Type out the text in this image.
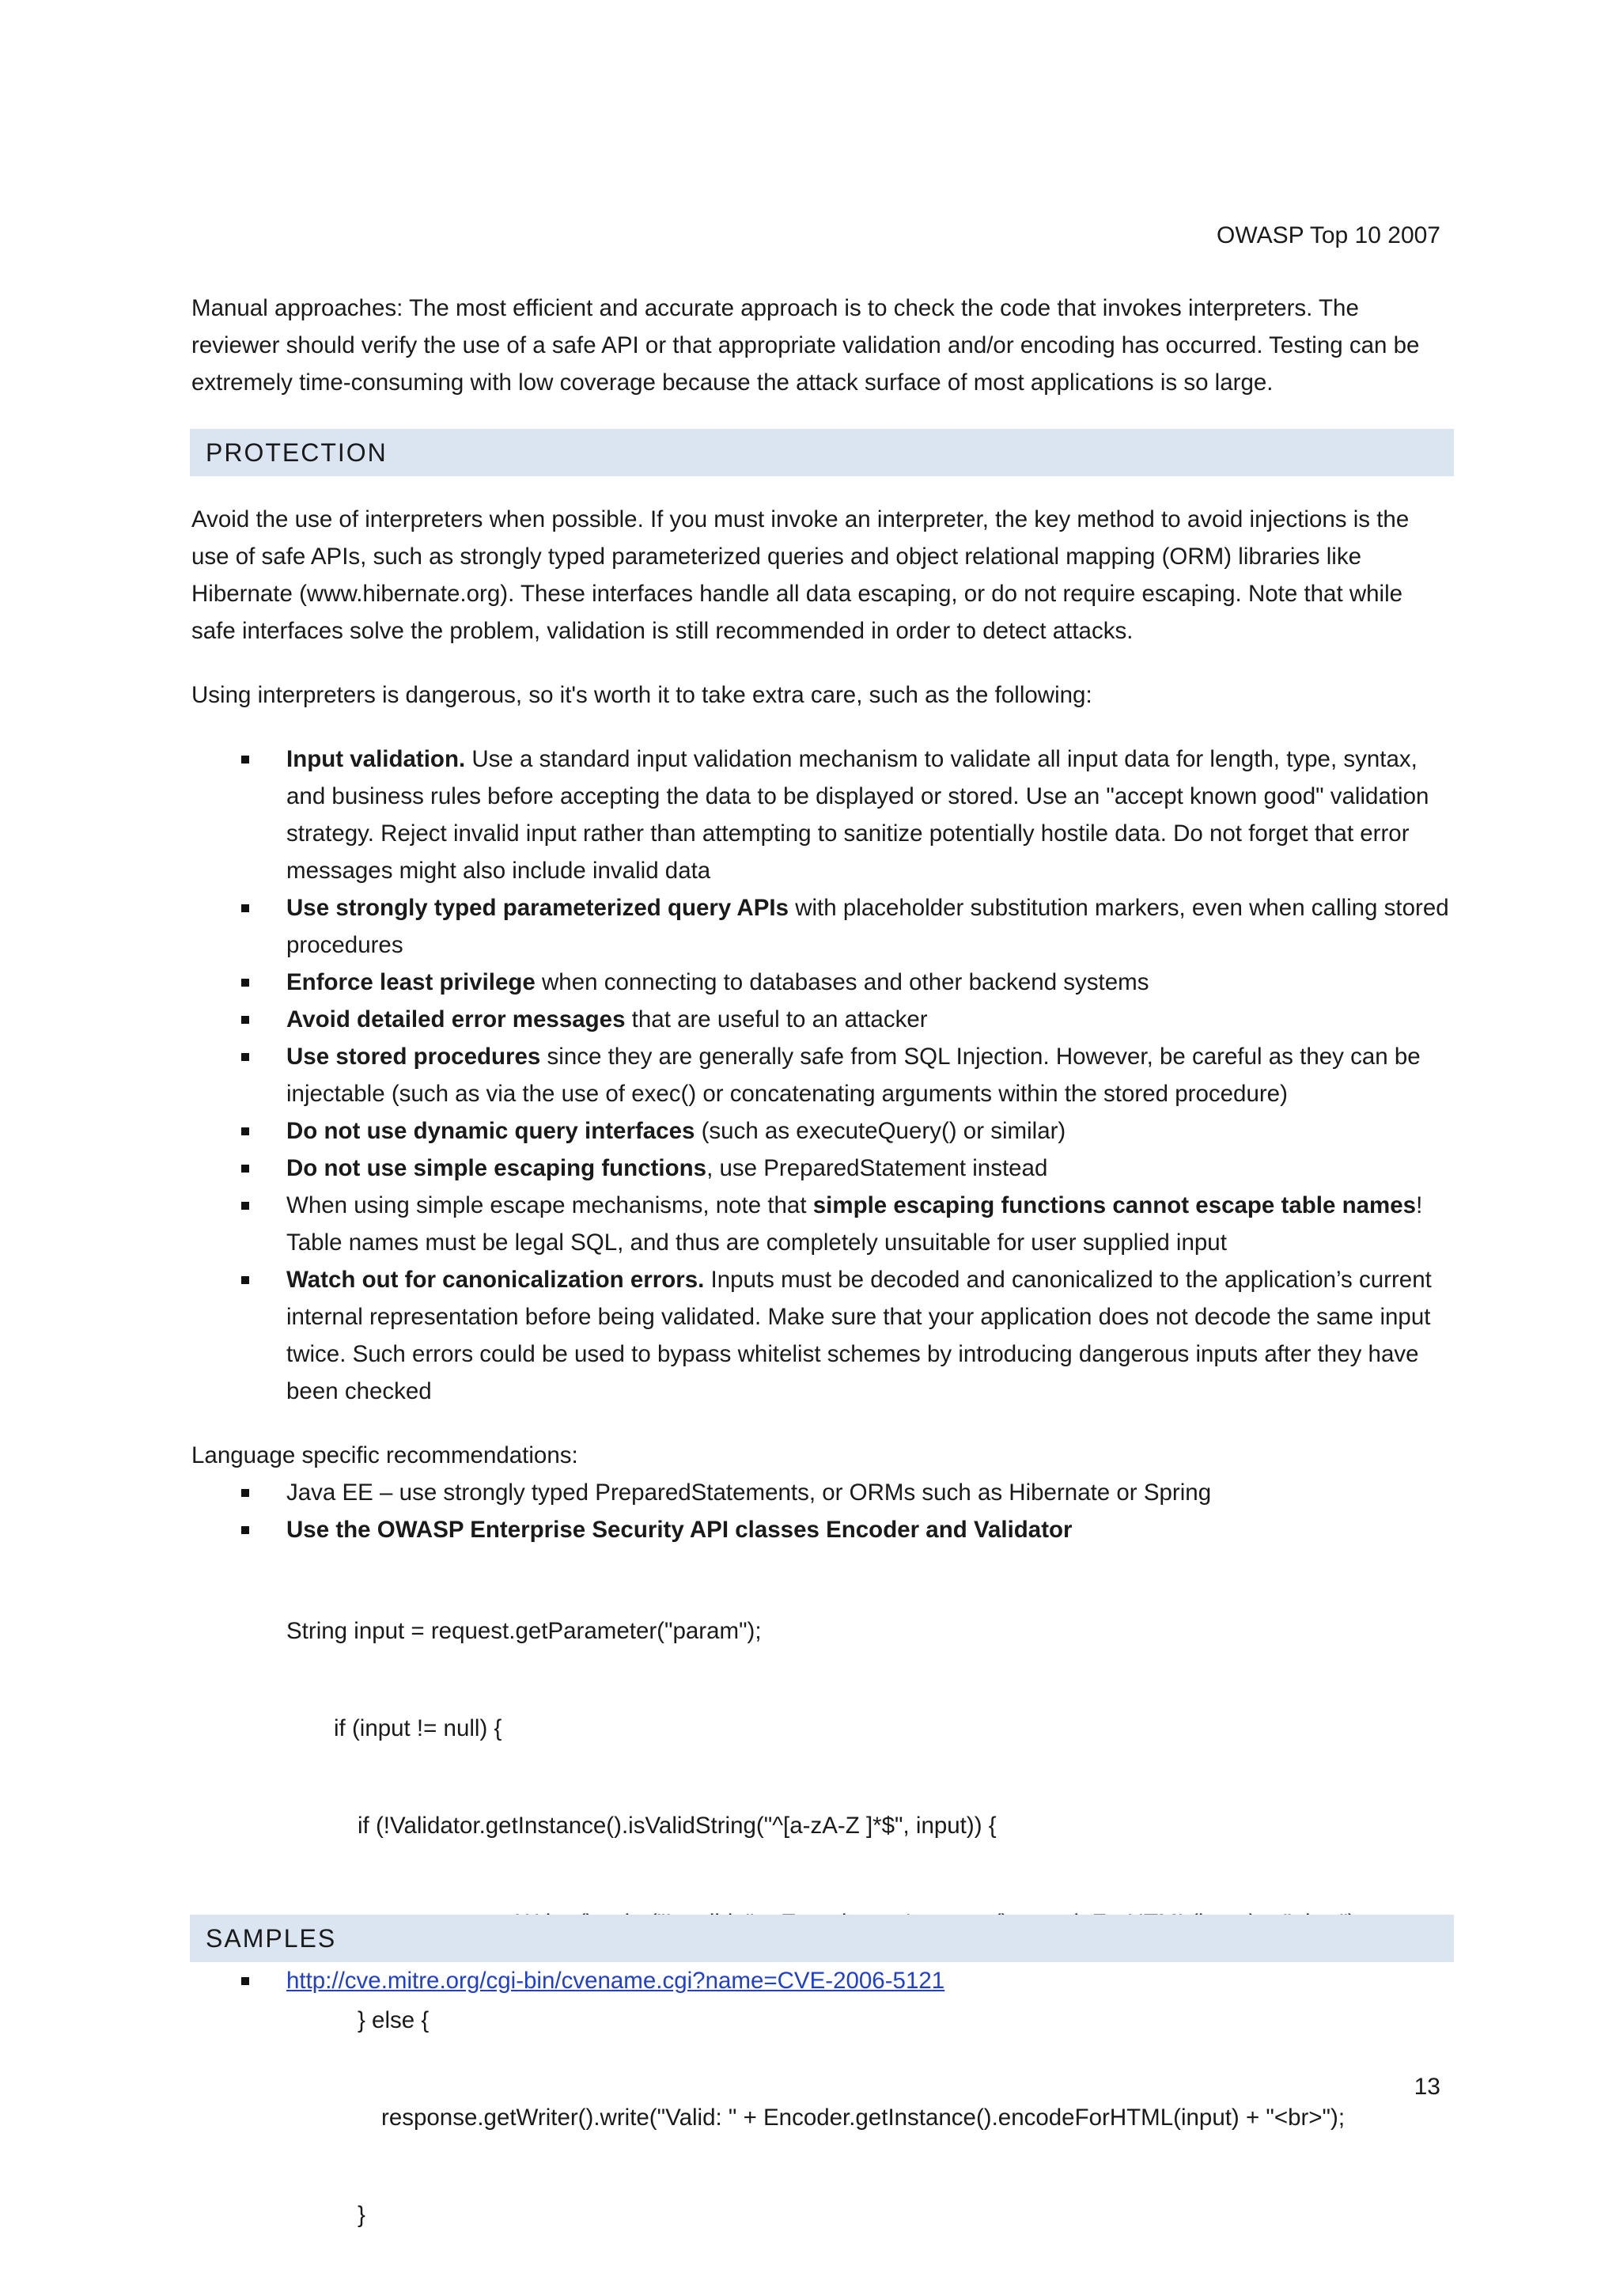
OWASP Top 10 2007

Manual approaches: The most efficient and accurate approach is to check the code that invokes interpreters. The reviewer should verify the use of a safe API or that appropriate validation and/or encoding has occurred. Testing can be extremely time-consuming with low coverage because the attack surface of most applications is so large.

PROTECTION

Avoid the use of interpreters when possible. If you must invoke an interpreter, the key method to avoid injections is the use of safe APIs, such as strongly typed parameterized queries and object relational mapping (ORM) libraries like Hibernate (www.hibernate.org). These interfaces handle all data escaping, or do not require escaping. Note that while safe interfaces solve the problem, validation is still recommended in order to detect attacks.

Using interpreters is dangerous, so it's worth it to take extra care, such as the following:

Input validation. Use a standard input validation mechanism to validate all input data for length, type, syntax, and business rules before accepting the data to be displayed or stored. Use an "accept known good" validation strategy. Reject invalid input rather than attempting to sanitize potentially hostile data. Do not forget that error messages might also include invalid data
Use strongly typed parameterized query APIs with placeholder substitution markers, even when calling stored procedures
Enforce least privilege when connecting to databases and other backend systems
Avoid detailed error messages that are useful to an attacker
Use stored procedures since they are generally safe from SQL Injection. However, be careful as they can be injectable (such as via the use of exec() or concatenating arguments within the stored procedure)
Do not use dynamic query interfaces (such as executeQuery() or similar)
Do not use simple escaping functions, use PreparedStatement instead
When using simple escape mechanisms, note that simple escaping functions cannot escape table names! Table names must be legal SQL, and thus are completely unsuitable for user supplied input
Watch out for canonicalization errors. Inputs must be decoded and canonicalized to the application’s current internal representation before being validated. Make sure that your application does not decode the same input twice. Such errors could be used to bypass whitelist schemes by introducing dangerous inputs after they have been checked

Language specific recommendations:

Java EE – use strongly typed PreparedStatements, or ORMs such as Hibernate or Spring
Use the OWASP Enterprise Security API classes Encoder and Validator

String input = request.getParameter("param");

if (input != null) {

if (!Validator.getInstance().isValidString("^[a-zA-Z ]*$", input)) {

} else {

response.getWriter().write("Valid: " + Encoder.getInstance().encodeForHTML(input) + "<br>");

}

SAMPLES
http://cve.mitre.org/cgi-bin/cvename.cgi?name=CVE-2006-5121
13
